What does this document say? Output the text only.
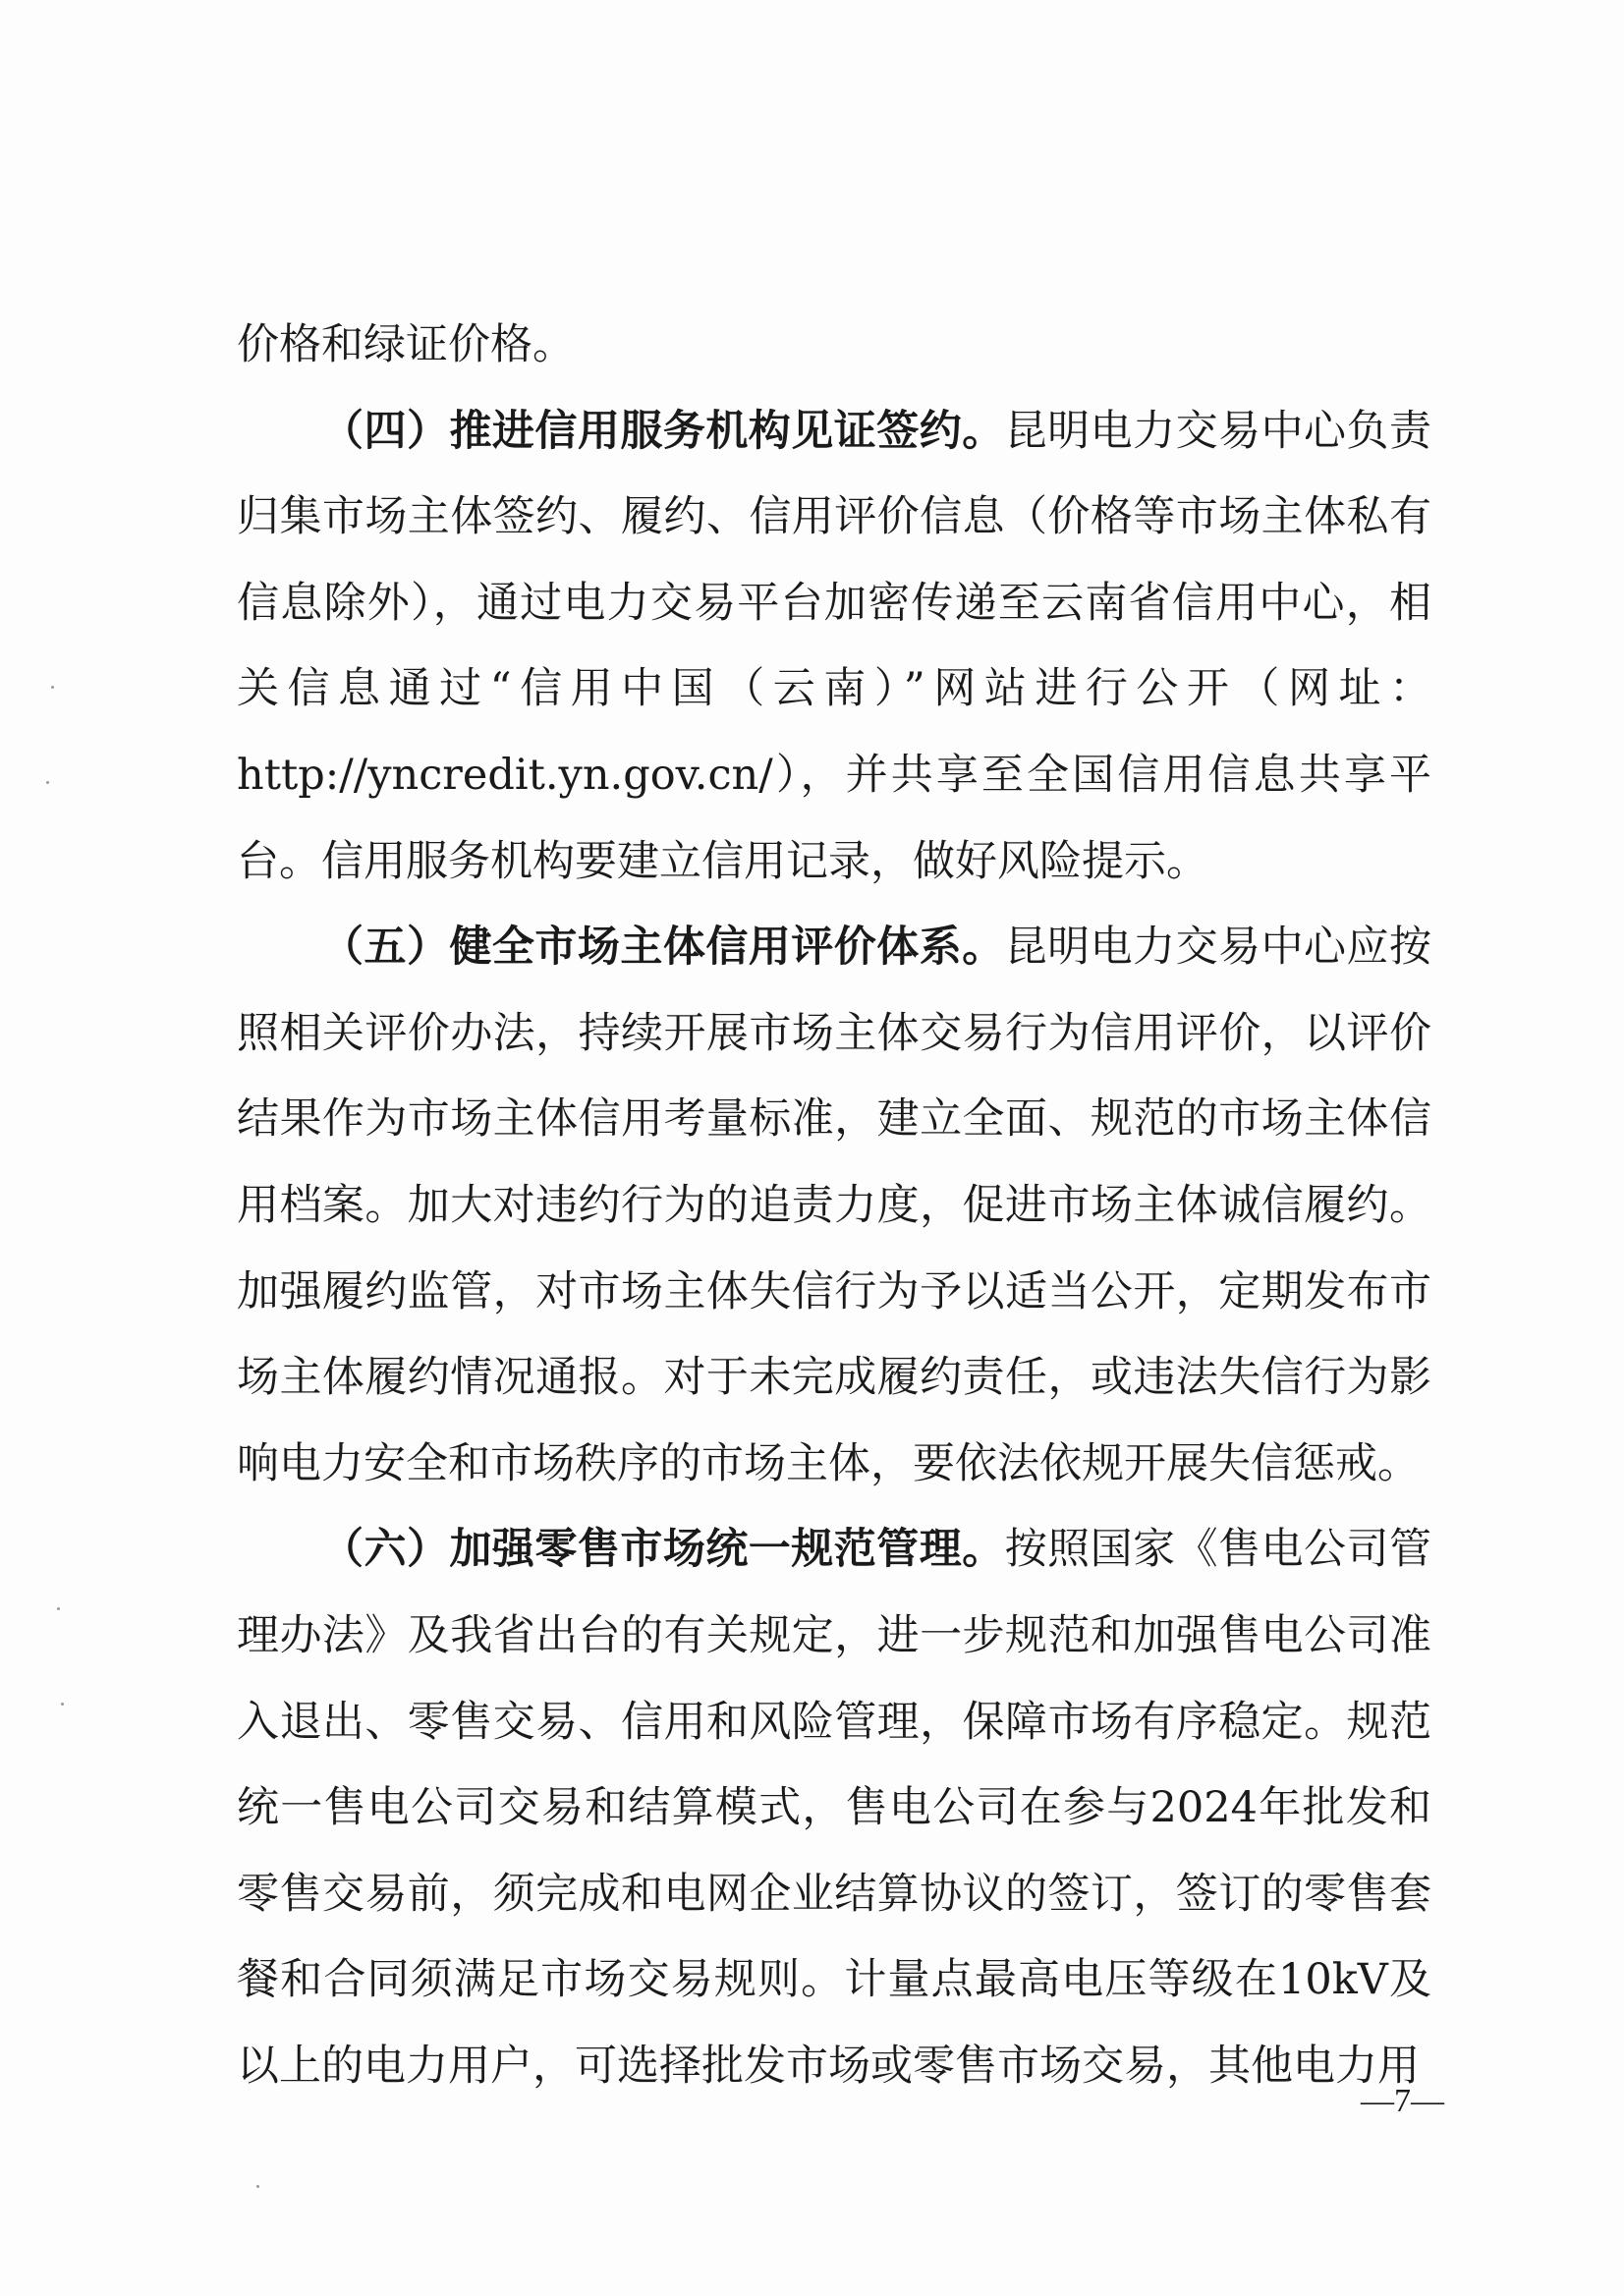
价格和绿证价格。

（四）推进信用服务机构见证签约。昆明电力交易中心负责归集市场主体签约、履约、信用评价信息（价格等市场主体私有信息除外），通过电力交易平台加密传递至云南省信用中心，相关信息通过“信用中国（云南）”网站进行公开（网址：http://yncredit.yn.gov.cn/），并共享至全国信用信息共享平台。信用服务机构要建立信用记录，做好风险提示。

（五）健全市场主体信用评价体系。昆明电力交易中心应按照相关评价办法，持续开展市场主体交易行为信用评价，以评价结果作为市场主体信用考量标准，建立全面、规范的市场主体信用档案。加大对违约行为的追责力度，促进市场主体诚信履约。加强履约监管，对市场主体失信行为予以适当公开，定期发布市场主体履约情况通报。对于未完成履约责任，或违法失信行为影响电力安全和市场秩序的市场主体，要依法依规开展失信惩戒。

（六）加强零售市场统一规范管理。按照国家《售电公司管理办法》及我省出台的有关规定，进一步规范和加强售电公司准入退出、零售交易、信用和风险管理，保障市场有序稳定。规范统一售电公司交易和结算模式，售电公司在参与2024年批发和零售交易前，须完成和电网企业结算协议的签订，签订的零售套餐和合同须满足市场交易规则。计量点最高电压等级在10kV及以上的电力用户，可选择批发市场或零售市场交易，其他电力用

—7—
